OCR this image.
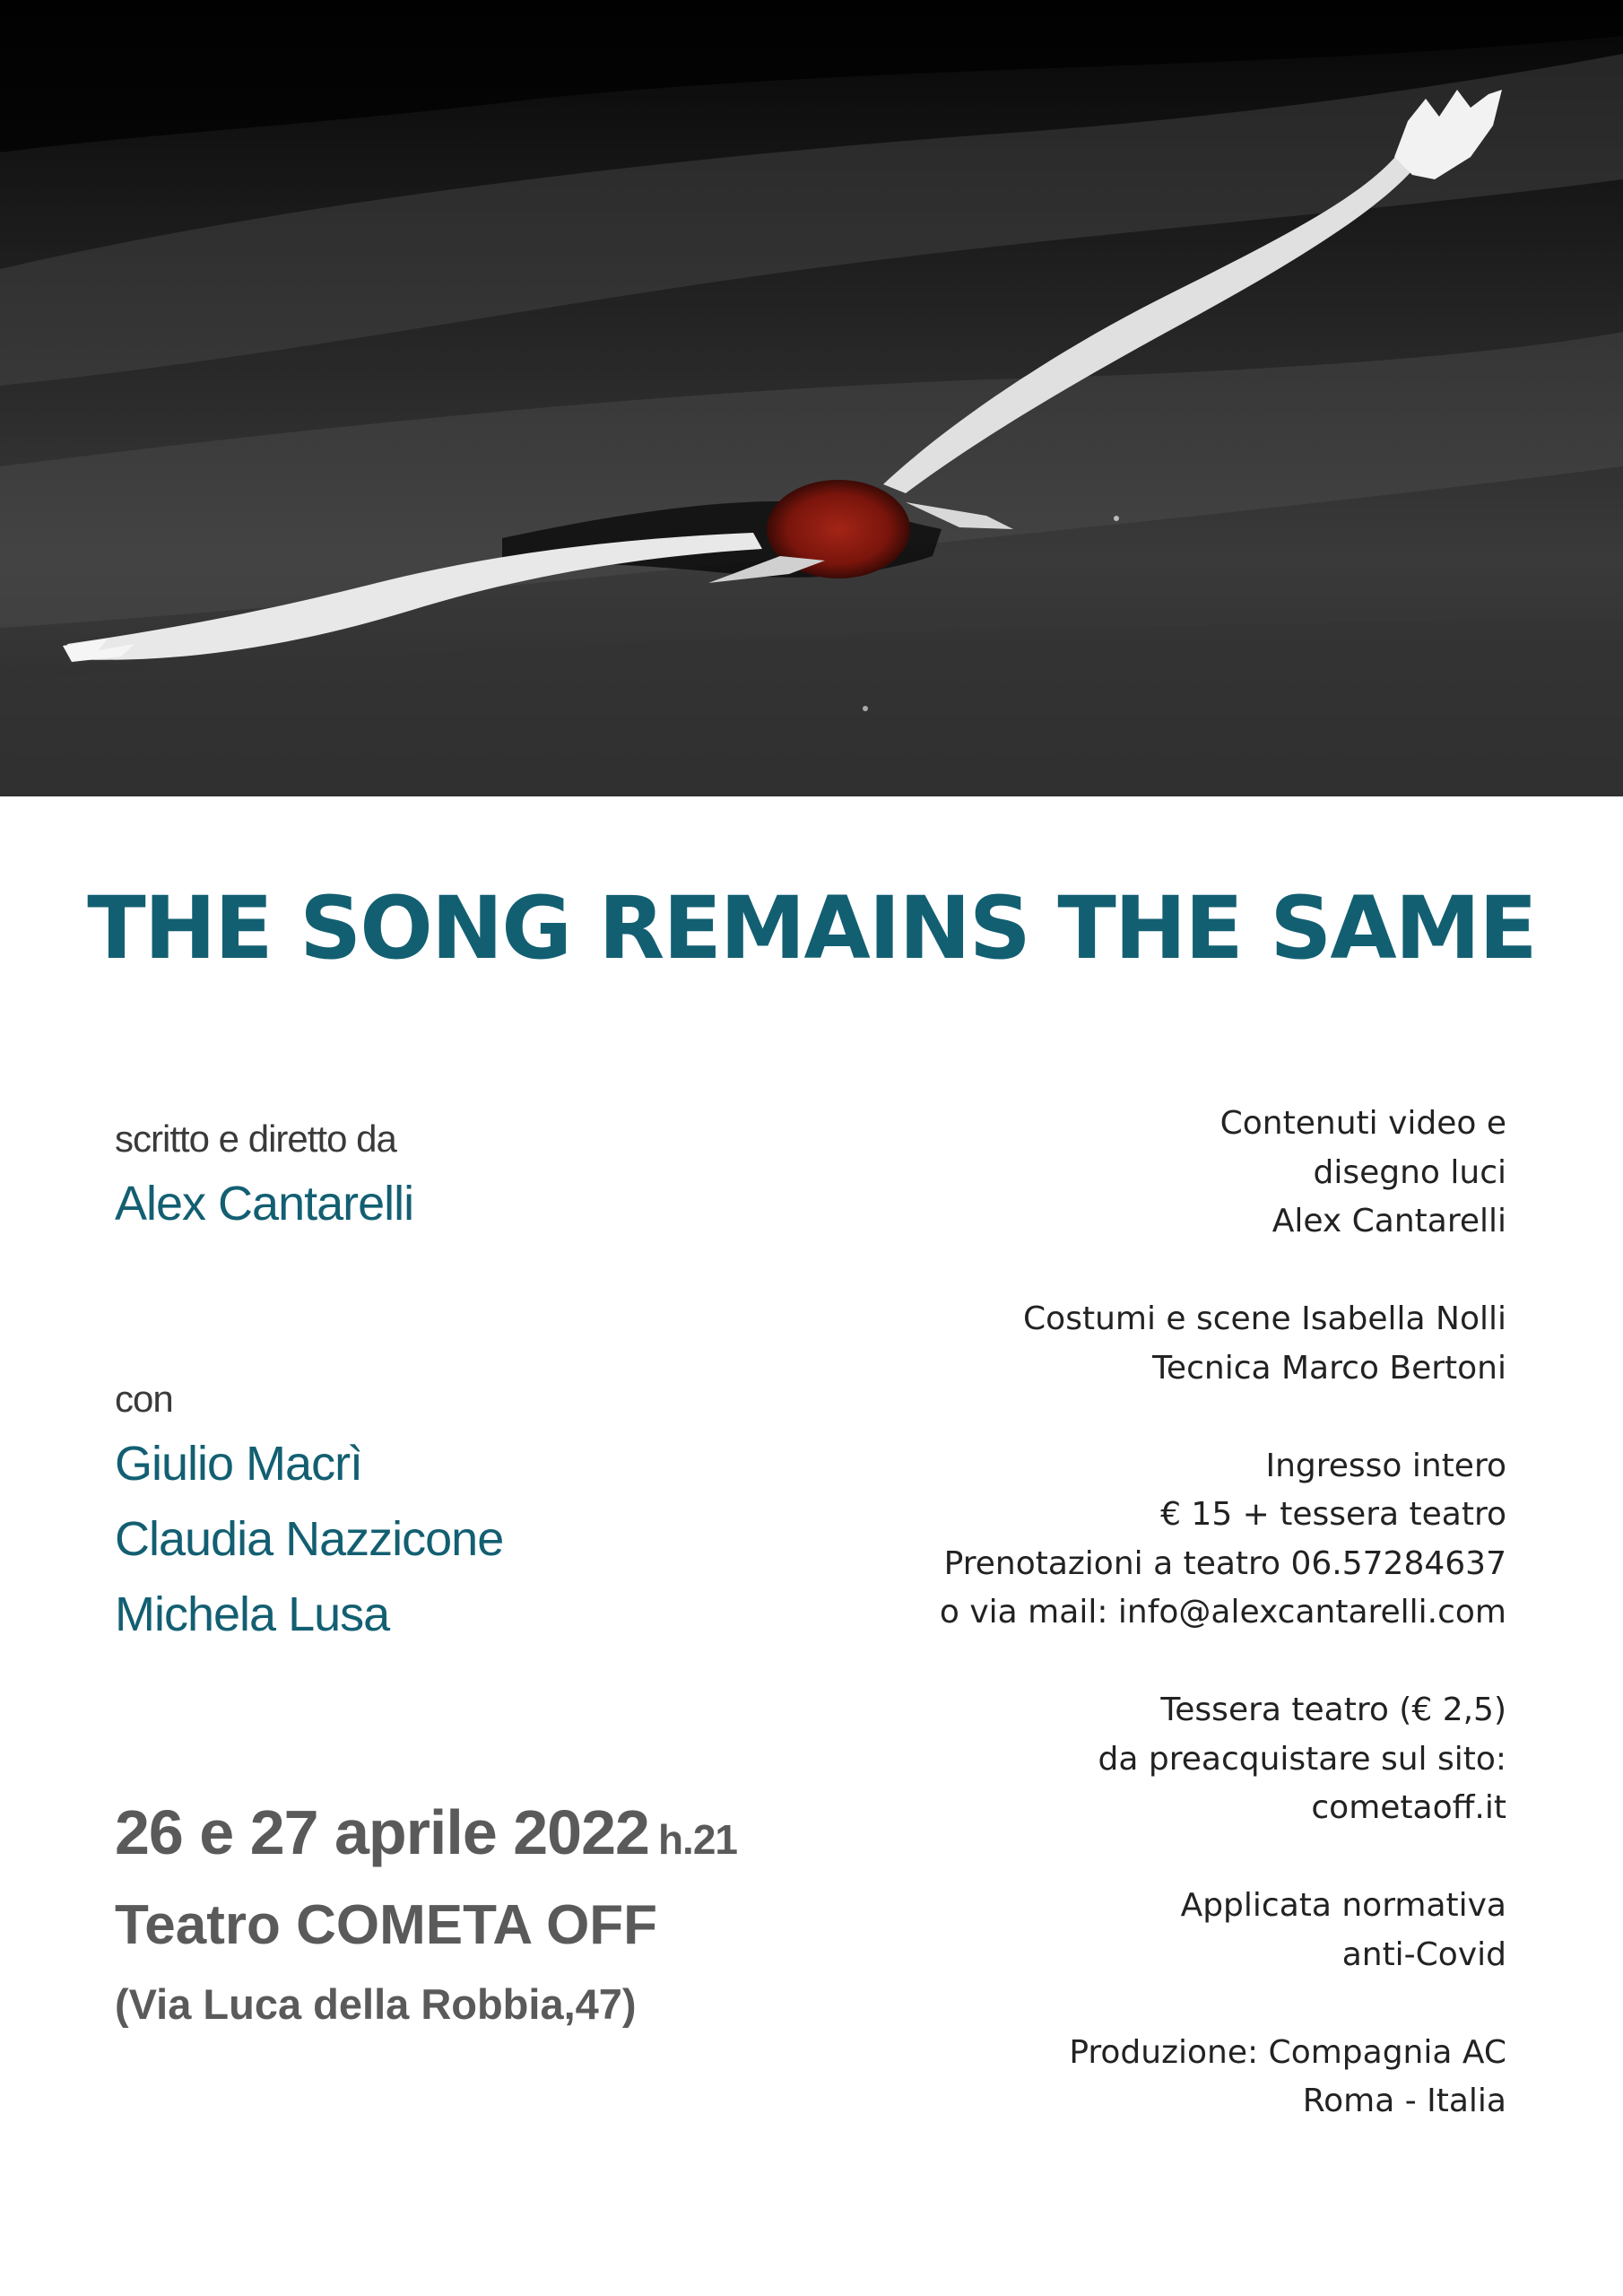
THE SONG REMAINS THE SAME
scritto e diretto da
Alex Cantarelli
con
Giulio Macrì
Claudia Nazzicone
Michela Lusa
26 e 27 aprile 2022 h.21
Teatro COMETA OFF
(Via Luca della Robbia,47)
Contenuti video e
disegno luci
Alex Cantarelli
Costumi e scene Isabella Nolli
Tecnica Marco Bertoni
Ingresso intero
€ 15 + tessera teatro
Prenotazioni a teatro 06.57284637
o via mail: info@alexcantarelli.com
Tessera teatro (€ 2,5)
da preacquistare sul sito:
cometaoff.it
Applicata normativa
anti-Covid
Produzione: Compagnia AC
Roma - Italia
